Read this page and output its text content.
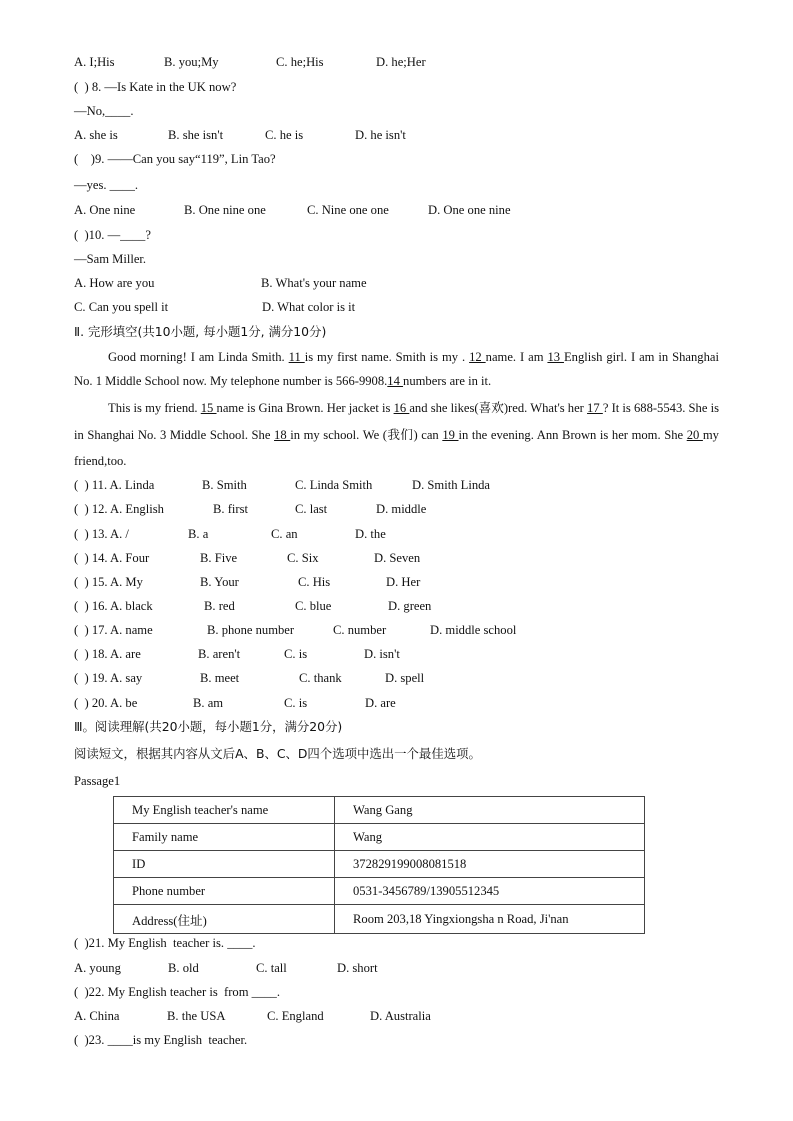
A. I;His	B. you;My	C. he;His	D. he;Her
(  ) 8. —Is Kate in the UK now?
—No,____.
A. she is	B. she isn't	C. he is	D. he isn't
(    )9. ——Can you say“119”, Lin Tao?
—yes. ____.
A. One nine	B. One nine one	C. Nine one one	D. One one nine
(  )10. —____?
—Sam Miller.
A. How are you	B. What's your name
C. Can you spell it	D. What color is it
Ⅱ. 完形填空(共10小题, 每小题1分, 满分10分)
Good morning! I am Linda Smith. 11 is my first name. Smith is my . 12 name. I am 13 English girl. I am in Shanghai No. 1 Middle School now. My telephone number is 566-9908.14 numbers are in it.
This is my friend. 15 name is Gina Brown. Her jacket is 16 and she likes(喜欢)red. What's her 17 ? It is 688-5543. She is in Shanghai No. 3 Middle School. She 18 in my school. We (我们) can 19 in the evening. Ann Brown is her mom. She 20 my friend,too.
(  ) 11. A. Linda	B. Smith	C. Linda Smith	D. Smith Linda
(  ) 12. A. English	B. first	C. last	D. middle
(  ) 13. A. /	B. a	C. an	D. the
(  ) 14. A. Four	B. Five	C. Six	D. Seven
(  ) 15. A. My	B. Your	C. His	D. Her
(  ) 16. A. black	B. red	C. blue	D. green
(  ) 17. A. name	B. phone number	C. number	D. middle school
(  ) 18. A. are	B. aren't	C. is	D. isn't
(  ) 19. A. say	B. meet	C. thank	D. spell
(  ) 20. A. be	B. am	C. is	D. are
Ⅲ。阅读理解(共20小题，每小题1分，满分20分)
阅读短文，根据其内容从文后A、B、C、D四个选项中选出一个最佳选项。
Passage1
My English teacher's name	Wang Gang
Family name	Wang
ID	372829199008081518
Phone number	0531-3456789/13905512345
Address(住址)	Room 203,18 Yingxiongsha n Road, Ji'nan
(  )21. My English  teacher is. ____.
A. young	B. old	C. tall	D. short
(  )22. My English teacher is  from ____.
A. China	B. the USA	C. England	D. Australia
(  )23. ____is my English  teacher.
